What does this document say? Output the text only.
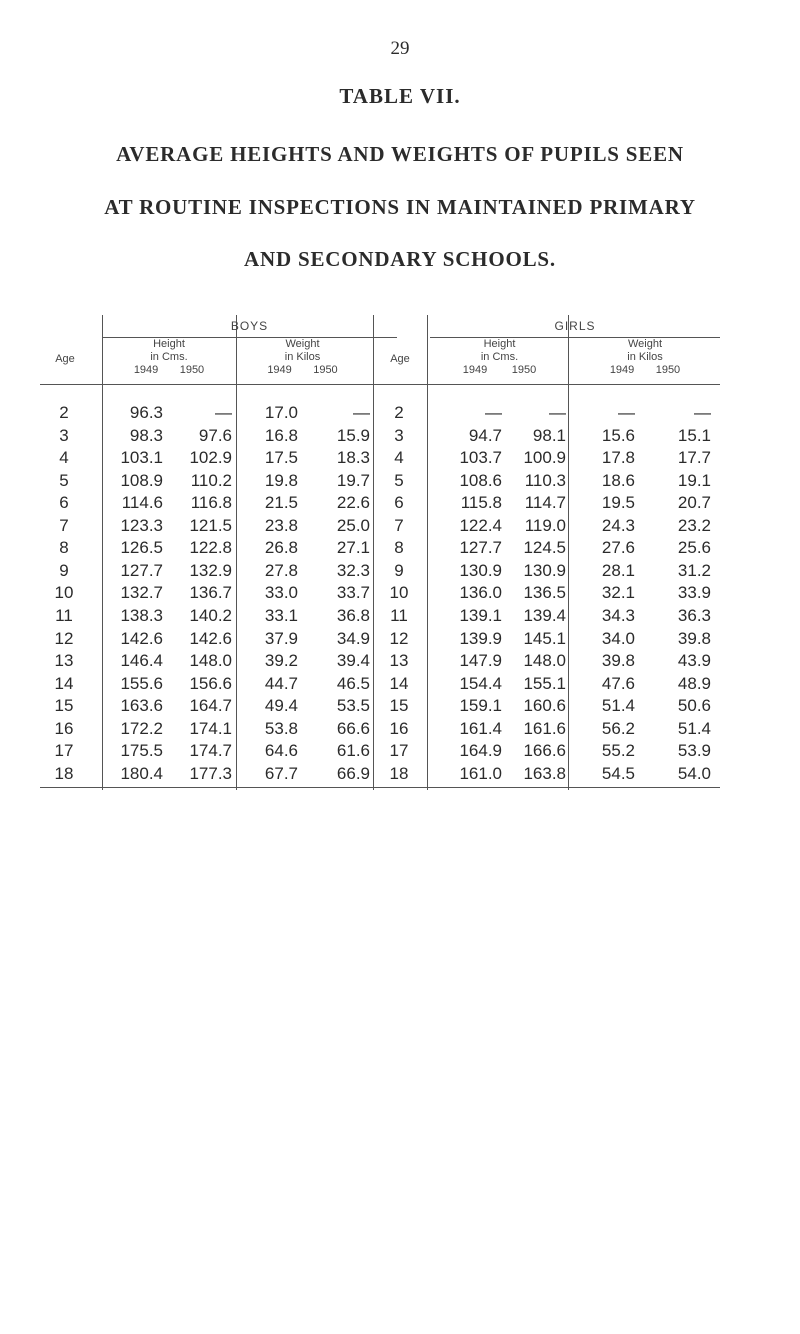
29
TABLE VII.
AVERAGE HEIGHTS AND WEIGHTS OF PUPILS SEEN
AT ROUTINE INSPECTIONS IN MAINTAINED PRIMARY
AND SECONDARY SCHOOLS.
BOYS	GIRLS
Age
Height
in Cms.
1949 1950
Weight
in Kilos
1949 1950
Age
Height
in Cms.
1949 1950
Weight
in Kilos
1949 1950
2	96.3	—	17.0	—	2	—	—	—	—
3	98.3	97.6	16.8	15.9	3	94.7	98.1	15.6	15.1
4	103.1	102.9	17.5	18.3	4	103.7	100.9	17.8	17.7
5	108.9	110.2	19.8	19.7	5	108.6	110.3	18.6	19.1
6	114.6	116.8	21.5	22.6	6	115.8	114.7	19.5	20.7
7	123.3	121.5	23.8	25.0	7	122.4	119.0	24.3	23.2
8	126.5	122.8	26.8	27.1	8	127.7	124.5	27.6	25.6
9	127.7	132.9	27.8	32.3	9	130.9	130.9	28.1	31.2
10	132.7	136.7	33.0	33.7	10	136.0	136.5	32.1	33.9
11	138.3	140.2	33.1	36.8	11	139.1	139.4	34.3	36.3
12	142.6	142.6	37.9	34.9	12	139.9	145.1	34.0	39.8
13	146.4	148.0	39.2	39.4	13	147.9	148.0	39.8	43.9
14	155.6	156.6	44.7	46.5	14	154.4	155.1	47.6	48.9
15	163.6	164.7	49.4	53.5	15	159.1	160.6	51.4	50.6
16	172.2	174.1	53.8	66.6	16	161.4	161.6	56.2	51.4
17	175.5	174.7	64.6	61.6	17	164.9	166.6	55.2	53.9
18	180.4	177.3	67.7	66.9	18	161.0	163.8	54.5	54.0
